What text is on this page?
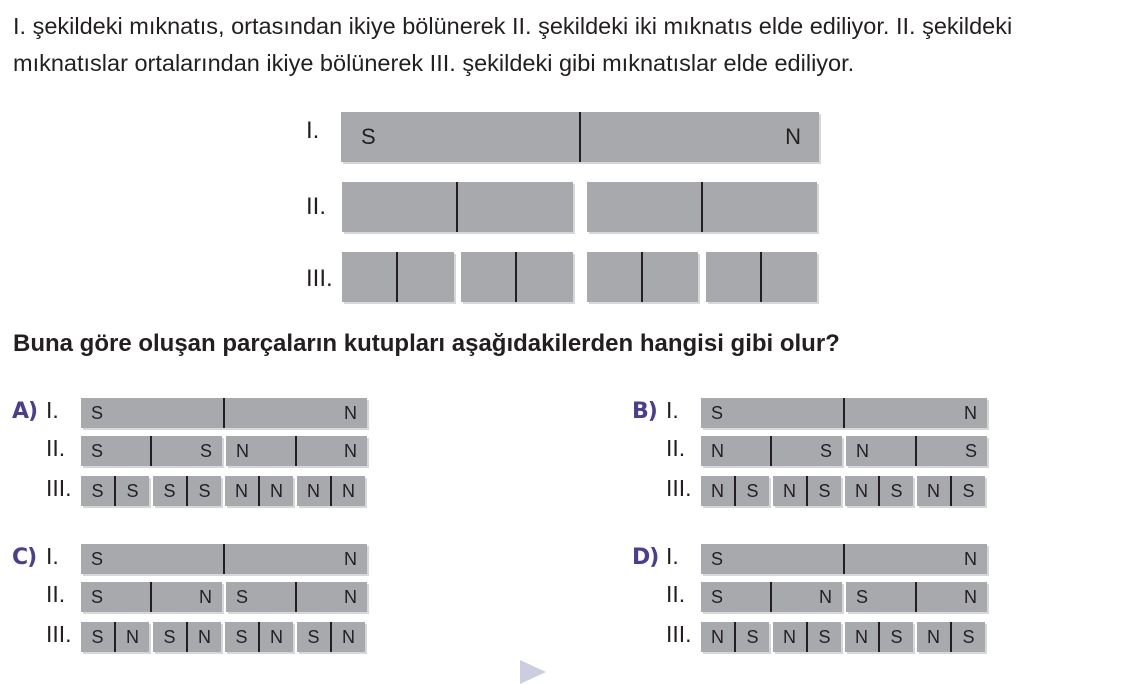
I. şekildeki mıknatıs, ortasından ikiye bölünerek II. şekildeki iki mıknatıs elde ediliyor. II. şekildeki
mıknatıslar ortalarından ikiye bölünerek III. şekildeki gibi mıknatıslar elde ediliyor.

I.
II.
III.
S	N

Buna göre oluşan parçaların kutupları aşağıdakilerden hangisi gibi olur?

A) I.
II.
III.
S	N
S	S N	N
S	S	S	S	N	N	N	N
B) I.
II.
III.
S	N
N	S N	S
N	S	N	S	N	S	N	S
C) I.
II.
III.
S	N
S	N S	N
S	N	S	N	S	N	S	N
D) I.
II.
III.
S	N
S	N S	N
N	S	N	S	N	S	N	S
